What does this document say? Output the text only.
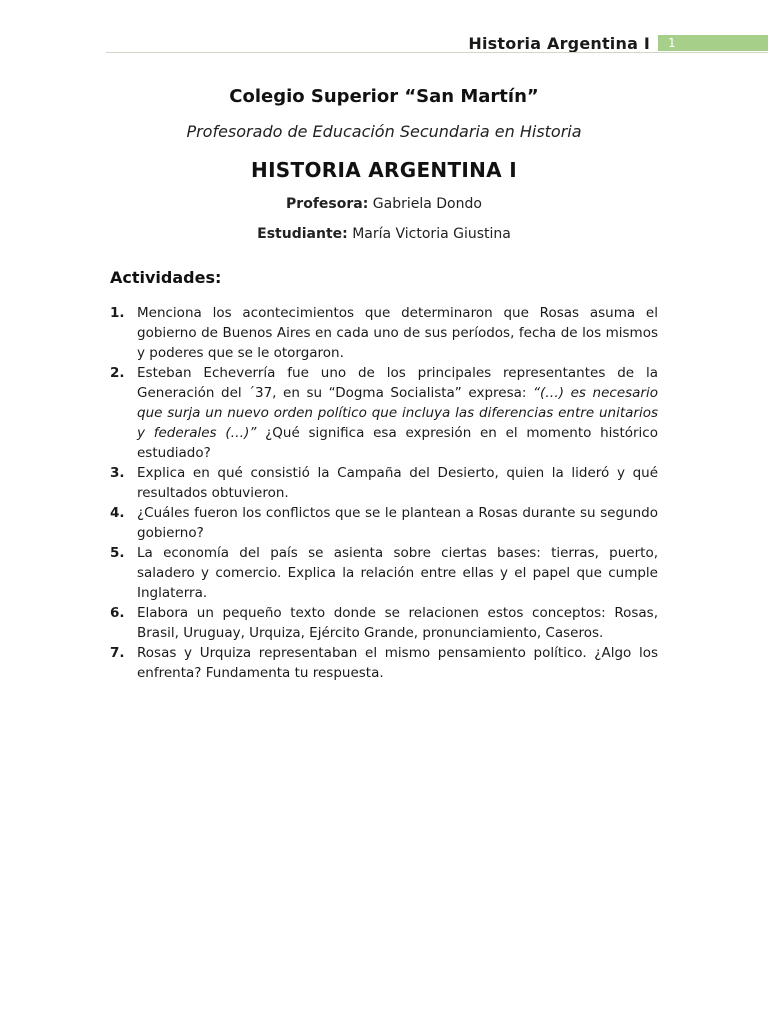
Historia Argentina I	1
Colegio Superior “San Martín”
Profesorado de Educación Secundaria en Historia
HISTORIA ARGENTINA I
Profesora: Gabriela Dondo
Estudiante: María Victoria Giustina
Actividades:
1. Menciona los acontecimientos que determinaron que Rosas asuma el gobierno de Buenos Aires en cada uno de sus períodos, fecha de los mismos y poderes que se le otorgaron.
2. Esteban Echeverría fue uno de los principales representantes de la Generación del ´37, en su “Dogma Socialista” expresa: “(…) es necesario que surja un nuevo orden político que incluya las diferencias entre unitarios y federales (…)” ¿Qué significa esa expresión en el momento histórico estudiado?
3. Explica en qué consistió la Campaña del Desierto, quien la lideró y qué resultados obtuvieron.
4. ¿Cuáles fueron los conflictos que se le plantean a Rosas durante su segundo gobierno?
5. La economía del país se asienta sobre ciertas bases: tierras, puerto, saladero y comercio. Explica la relación entre ellas y el papel que cumple Inglaterra.
6. Elabora un pequeño texto donde se relacionen estos conceptos: Rosas, Brasil, Uruguay, Urquiza, Ejército Grande, pronunciamiento, Caseros.
7. Rosas y Urquiza representaban el mismo pensamiento político. ¿Algo los enfrenta? Fundamenta tu respuesta.
